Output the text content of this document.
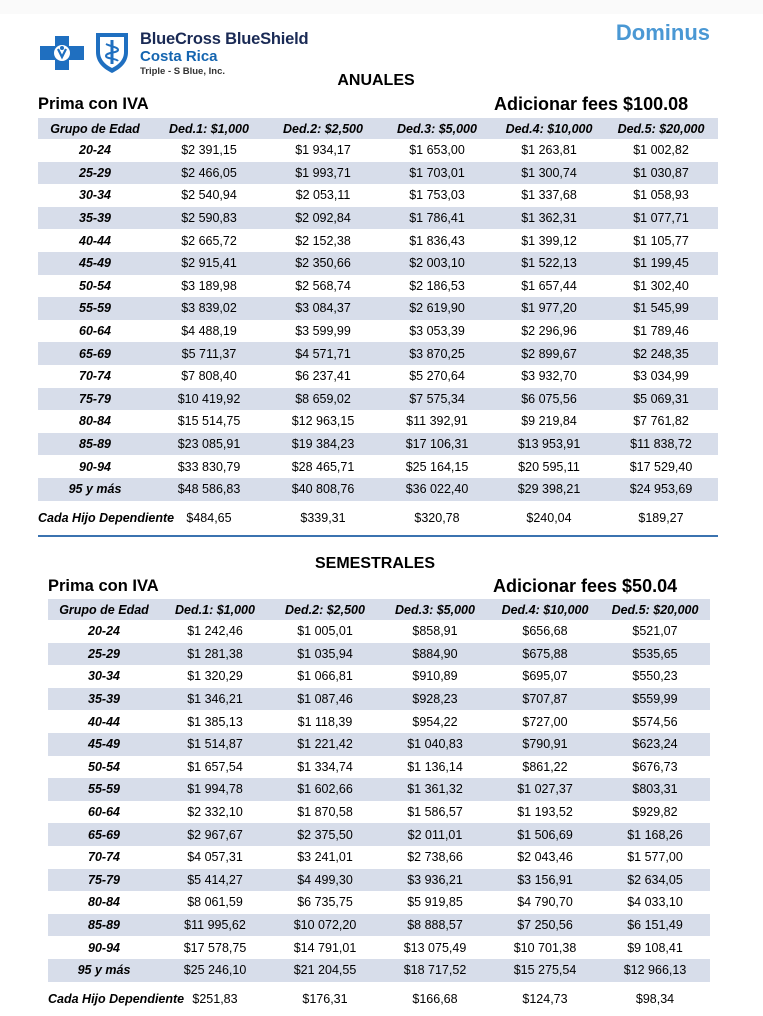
BlueCross BlueShield
Costa Rica
Triple - S Blue, Inc.
Dominus
ANUALES
Prima con IVA	Adicionar fees $100.08
Grupo de Edad	Ded.1: $1,000	Ded.2: $2,500	Ded.3: $5,000	Ded.4: $10,000	Ded.5: $20,000
20-24	$2 391,15	$1 934,17	$1 653,00	$1 263,81	$1 002,82
25-29	$2 466,05	$1 993,71	$1 703,01	$1 300,74	$1 030,87
30-34	$2 540,94	$2 053,11	$1 753,03	$1 337,68	$1 058,93
35-39	$2 590,83	$2 092,84	$1 786,41	$1 362,31	$1 077,71
40-44	$2 665,72	$2 152,38	$1 836,43	$1 399,12	$1 105,77
45-49	$2 915,41	$2 350,66	$2 003,10	$1 522,13	$1 199,45
50-54	$3 189,98	$2 568,74	$2 186,53	$1 657,44	$1 302,40
55-59	$3 839,02	$3 084,37	$2 619,90	$1 977,20	$1 545,99
60-64	$4 488,19	$3 599,99	$3 053,39	$2 296,96	$1 789,46
65-69	$5 711,37	$4 571,71	$3 870,25	$2 899,67	$2 248,35
70-74	$7 808,40	$6 237,41	$5 270,64	$3 932,70	$3 034,99
75-79	$10 419,92	$8 659,02	$7 575,34	$6 075,56	$5 069,31
80-84	$15 514,75	$12 963,15	$11 392,91	$9 219,84	$7 761,82
85-89	$23 085,91	$19 384,23	$17 106,31	$13 953,91	$11 838,72
90-94	$33 830,79	$28 465,71	$25 164,15	$20 595,11	$17 529,40
95 y más	$48 586,83	$40 808,76	$36 022,40	$29 398,21	$24 953,69
Cada Hijo Dependiente	$484,65	$339,31	$320,78	$240,04	$189,27
SEMESTRALES
Prima con IVA	Adicionar fees $50.04
Grupo de Edad	Ded.1: $1,000	Ded.2: $2,500	Ded.3: $5,000	Ded.4: $10,000	Ded.5: $20,000
20-24	$1 242,46	$1 005,01	$858,91	$656,68	$521,07
25-29	$1 281,38	$1 035,94	$884,90	$675,88	$535,65
30-34	$1 320,29	$1 066,81	$910,89	$695,07	$550,23
35-39	$1 346,21	$1 087,46	$928,23	$707,87	$559,99
40-44	$1 385,13	$1 118,39	$954,22	$727,00	$574,56
45-49	$1 514,87	$1 221,42	$1 040,83	$790,91	$623,24
50-54	$1 657,54	$1 334,74	$1 136,14	$861,22	$676,73
55-59	$1 994,78	$1 602,66	$1 361,32	$1 027,37	$803,31
60-64	$2 332,10	$1 870,58	$1 586,57	$1 193,52	$929,82
65-69	$2 967,67	$2 375,50	$2 011,01	$1 506,69	$1 168,26
70-74	$4 057,31	$3 241,01	$2 738,66	$2 043,46	$1 577,00
75-79	$5 414,27	$4 499,30	$3 936,21	$3 156,91	$2 634,05
80-84	$8 061,59	$6 735,75	$5 919,85	$4 790,70	$4 033,10
85-89	$11 995,62	$10 072,20	$8 888,57	$7 250,56	$6 151,49
90-94	$17 578,75	$14 791,01	$13 075,49	$10 701,38	$9 108,41
95 y más	$25 246,10	$21 204,55	$18 717,52	$15 275,54	$12 966,13
Cada Hijo Dependiente	$251,83	$176,31	$166,68	$124,73	$98,34
